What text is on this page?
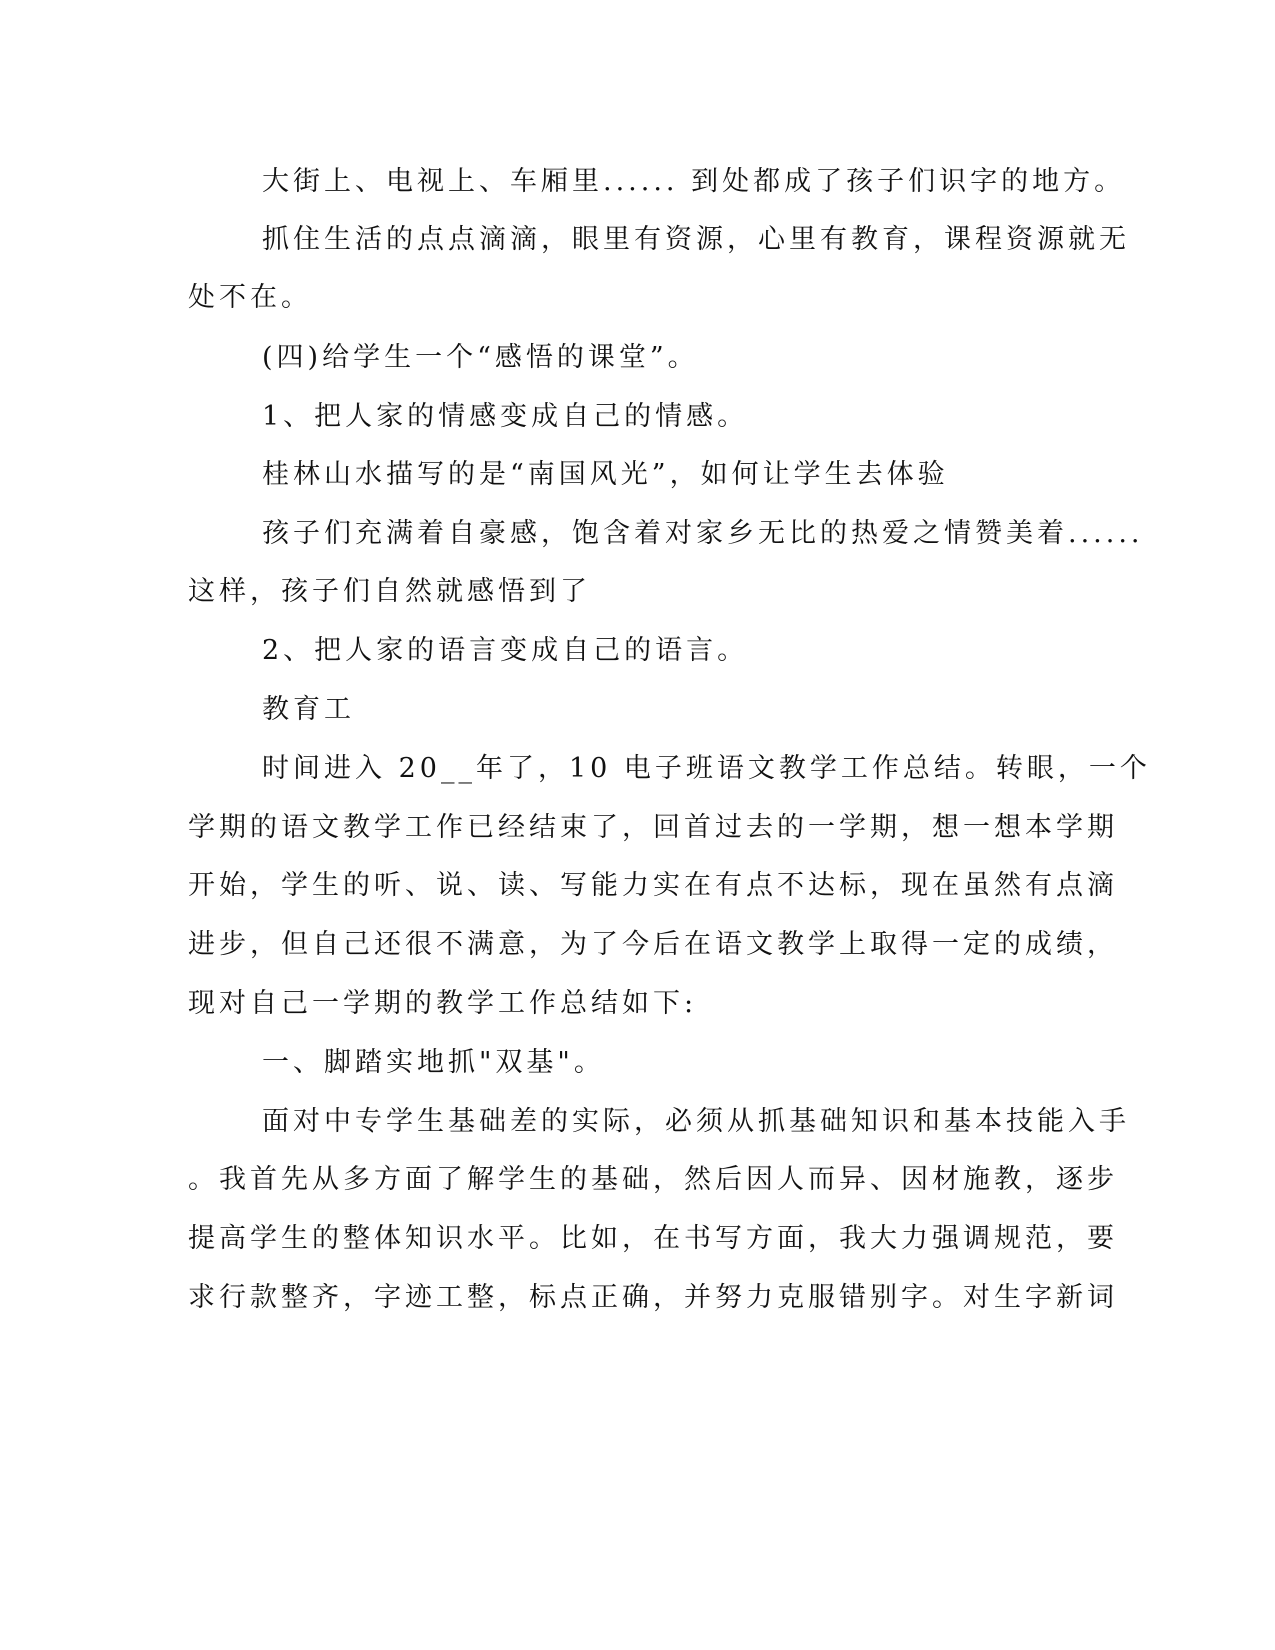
大街上、电视上、车厢里...... 到处都成了孩子们识字的地方。
抓住生活的点点滴滴，眼里有资源，心里有教育，课程资源就无
处不在。
(四)给学生一个“感悟的课堂”。
1、把人家的情感变成自己的情感。
桂林山水描写的是“南国风光”，如何让学生去体验
孩子们充满着自豪感，饱含着对家乡无比的热爱之情赞美着......
这样，孩子们自然就感悟到了
2、把人家的语言变成自己的语言。
教育工
时间进入 20__年了，10 电子班语文教学工作总结。转眼，一个
学期的语文教学工作已经结束了，回首过去的一学期，想一想本学期
开始，学生的听、说、读、写能力实在有点不达标，现在虽然有点滴
进步，但自己还很不满意，为了今后在语文教学上取得一定的成绩，
现对自己一学期的教学工作总结如下:
一、脚踏实地抓"双基"。
面对中专学生基础差的实际，必须从抓基础知识和基本技能入手
。我首先从多方面了解学生的基础，然后因人而异、因材施教，逐步
提高学生的整体知识水平。比如，在书写方面，我大力强调规范，要
求行款整齐，字迹工整，标点正确，并努力克服错别字。对生字新词
